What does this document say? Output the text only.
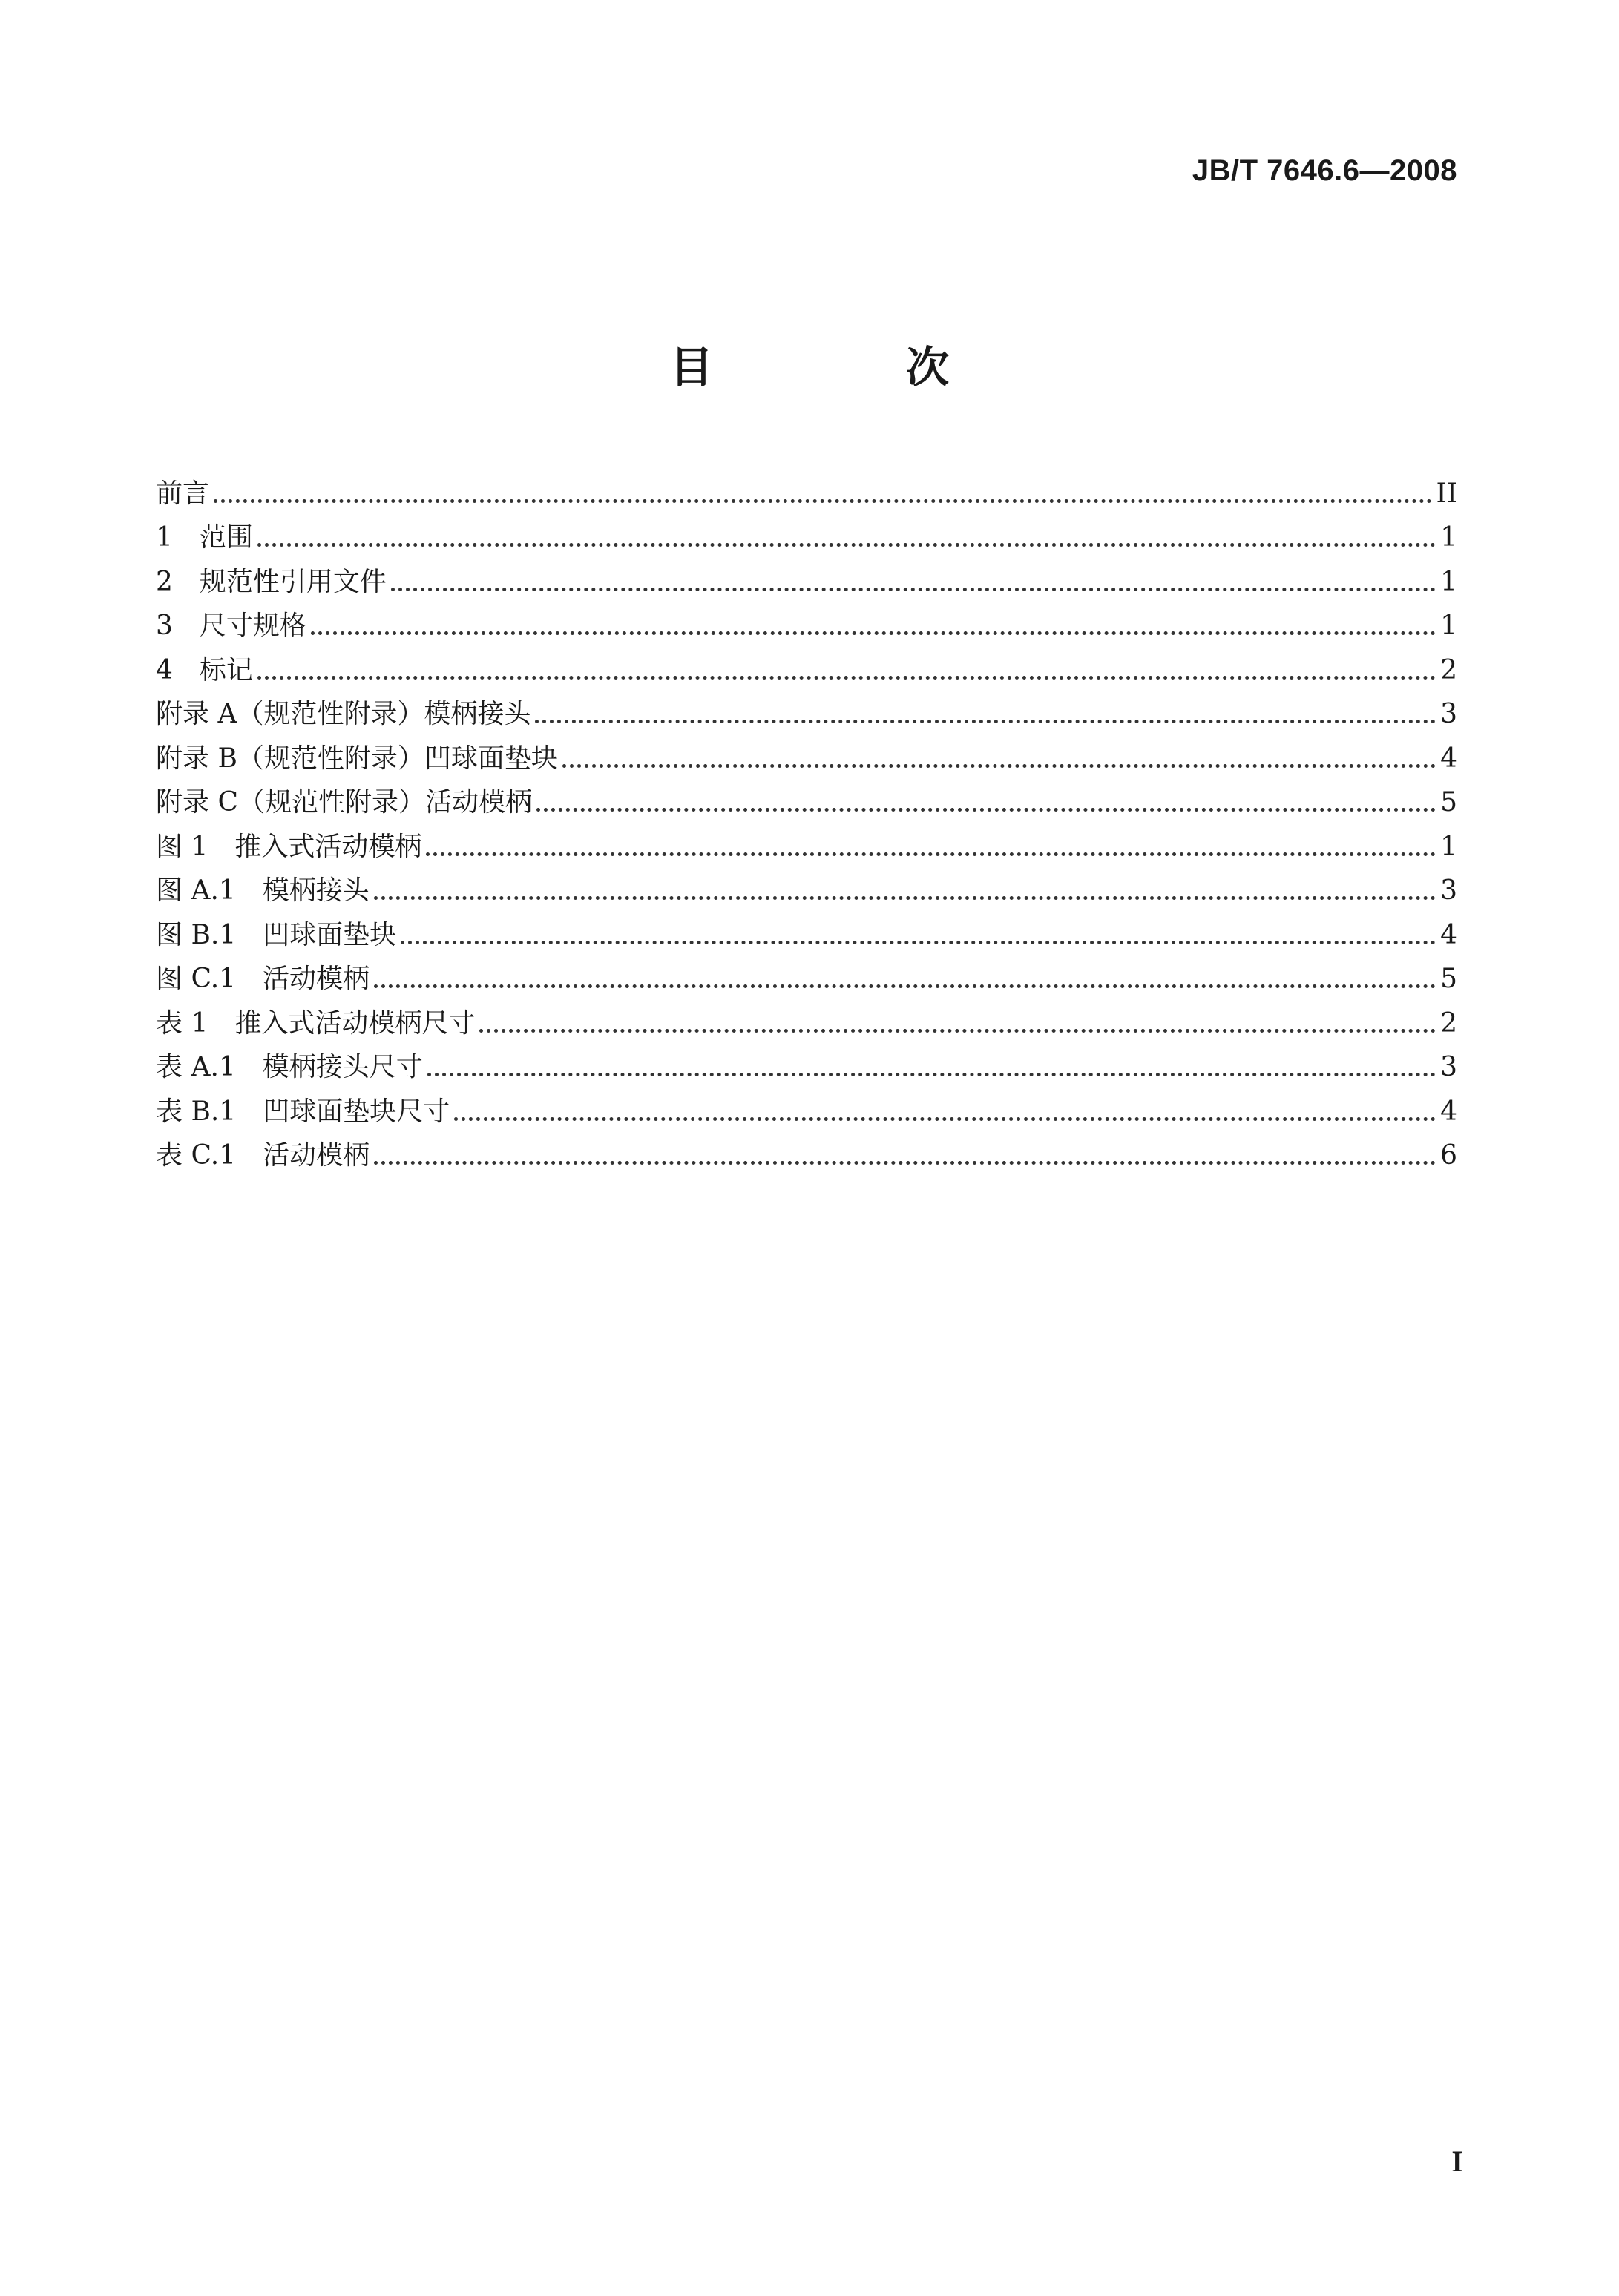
JB/T 7646.6—2008
目 次
前言	II
1　范围	1
2　规范性引用文件	1
3　尺寸规格	1
4　标记	2
附录 A（规范性附录）模柄接头	3
附录 B（规范性附录）凹球面垫块	4
附录 C（规范性附录）活动模柄	5
图 1　推入式活动模柄	1
图 A.1　模柄接头	3
图 B.1　凹球面垫块	4
图 C.1　活动模柄	5
表 1　推入式活动模柄尺寸	2
表 A.1　模柄接头尺寸	3
表 B.1　凹球面垫块尺寸	4
表 C.1　活动模柄	6
I
